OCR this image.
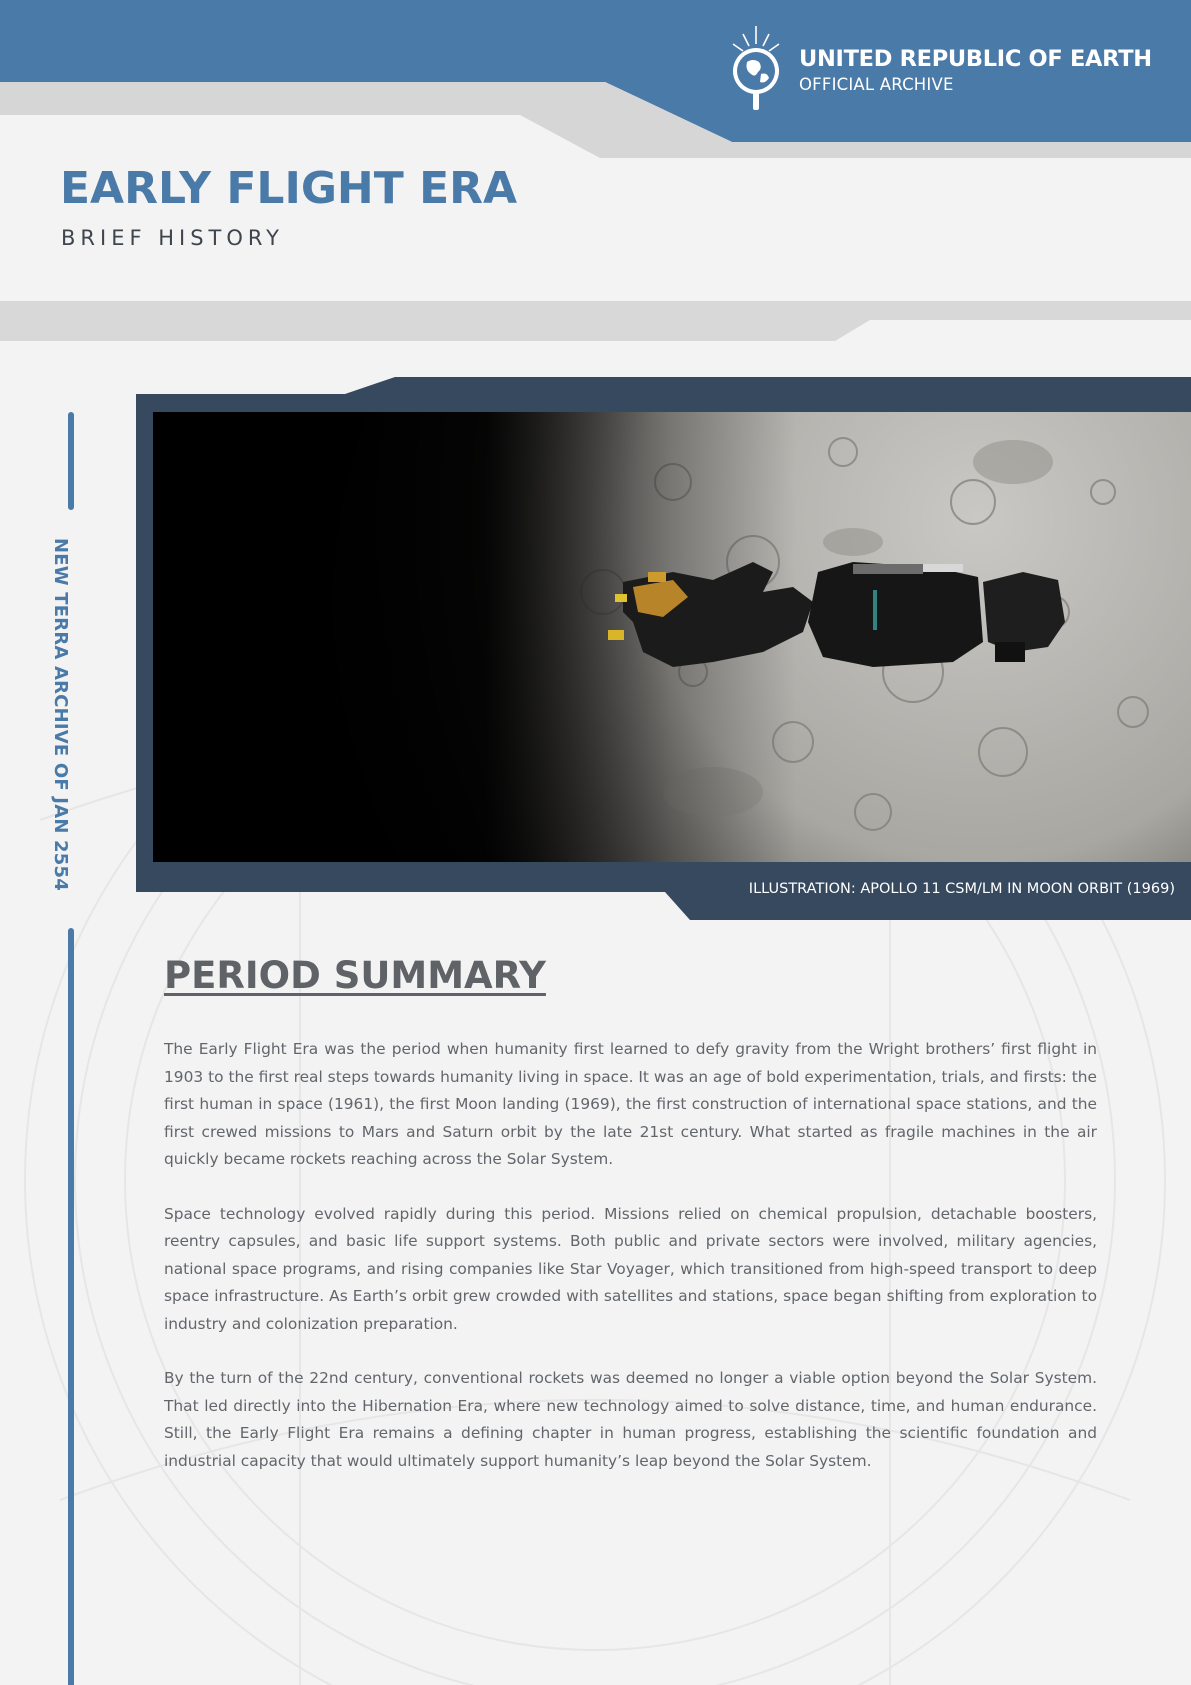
UNITED REPUBLIC OF EARTH
OFFICIAL ARCHIVE
EARLY FLIGHT ERA
BRIEF HISTORY
NEW TERRA ARCHIVE OF JAN 2554	ILLUSTRATION: APOLLO 11 CSM/LM IN MOON ORBIT (1969)
PERIOD SUMMARY

The Early Flight Era was the period when humanity first learned to defy gravity from the Wright brothers’ first flight in 1903 to the first real steps towards humanity living in space. It was an age of bold experimentation, trials, and firsts: the first human in space (1961), the first Moon landing (1969), the first construction of international space stations, and the first crewed missions to Mars and Saturn orbit by the late 21st century. What started as fragile machines in the air quickly became rockets reaching across the Solar System.

Space technology evolved rapidly during this period. Missions relied on chemical propulsion, detachable boosters, reentry capsules, and basic life support systems. Both public and private sectors were involved, military agencies, national space programs, and rising companies like Star Voyager, which transitioned from high-speed transport to deep space infrastructure. As Earth’s orbit grew crowded with satellites and stations, space began shifting from exploration to industry and colonization preparation.

By the turn of the 22nd century, conventional rockets was deemed no longer a viable option beyond the Solar System. That led directly into the Hibernation Era, where new technology aimed to solve distance, time, and human endurance. Still, the Early Flight Era remains a defining chapter in human progress, establishing the scientific foundation and industrial capacity that would ultimately support humanity’s leap beyond the Solar System.
